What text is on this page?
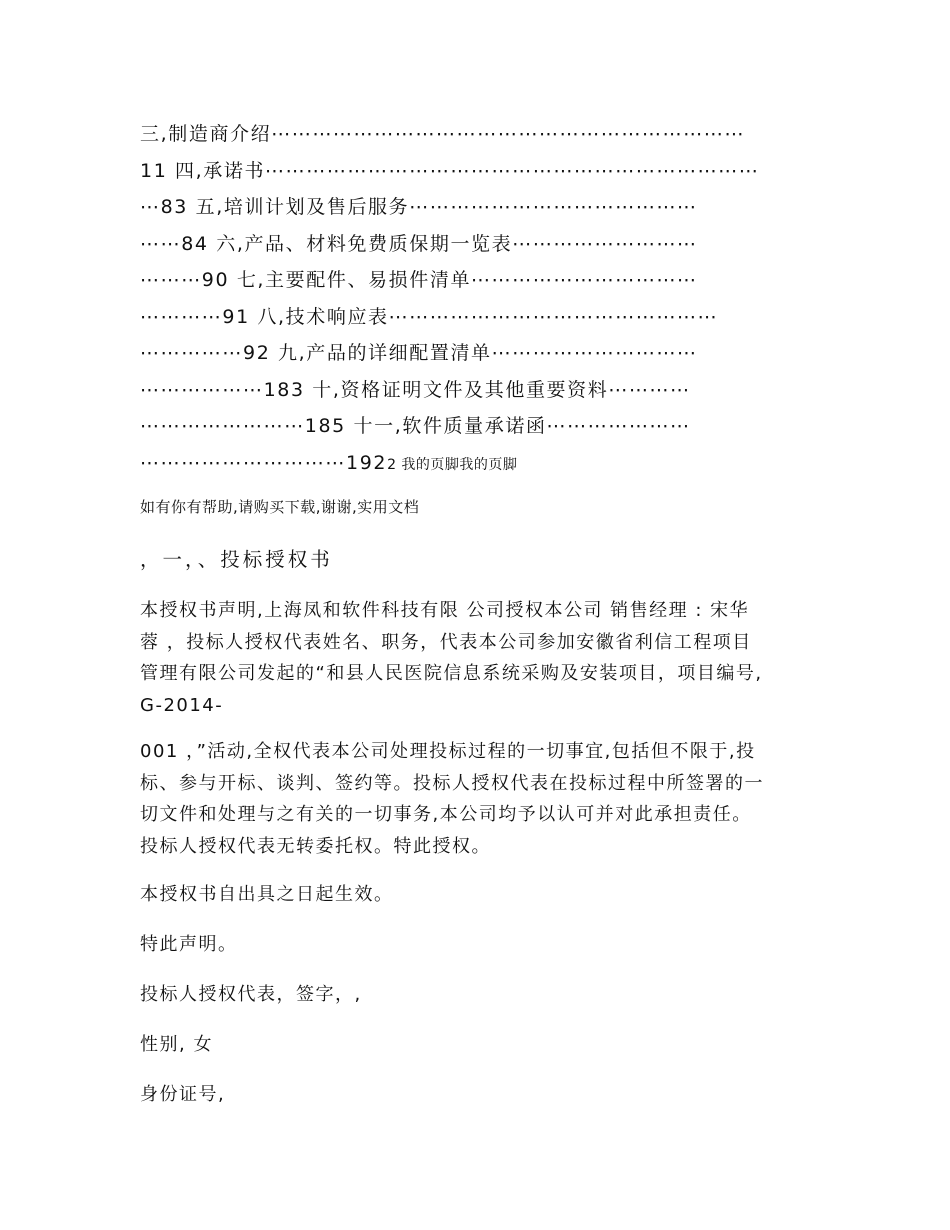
三,制造商介绍⋯⋯⋯⋯⋯⋯⋯⋯⋯⋯⋯⋯⋯⋯⋯⋯⋯⋯⋯⋯⋯⋯⋯
11 四,承诺书⋯⋯⋯⋯⋯⋯⋯⋯⋯⋯⋯⋯⋯⋯⋯⋯⋯⋯⋯⋯⋯⋯⋯⋯
⋯83 五,培训计划及售后服务⋯⋯⋯⋯⋯⋯⋯⋯⋯⋯⋯⋯⋯⋯
⋯⋯84 六,产品、材料免费质保期一览表⋯⋯⋯⋯⋯⋯⋯⋯⋯
⋯⋯⋯90 七,主要配件、易损件清单⋯⋯⋯⋯⋯⋯⋯⋯⋯⋯⋯
⋯⋯⋯⋯91 八,技术响应表⋯⋯⋯⋯⋯⋯⋯⋯⋯⋯⋯⋯⋯⋯⋯⋯
⋯⋯⋯⋯⋯92 九,产品的详细配置清单⋯⋯⋯⋯⋯⋯⋯⋯⋯⋯
⋯⋯⋯⋯⋯⋯183 十,资格证明文件及其他重要资料⋯⋯⋯⋯
⋯⋯⋯⋯⋯⋯⋯⋯185 十一,软件质量承诺函⋯⋯⋯⋯⋯⋯⋯
⋯⋯⋯⋯⋯⋯⋯⋯⋯⋯1922 我的页脚我的页脚
如有你有帮助,请购买下载,谢谢,实用文档
，一，、投标授权书
本授权书声明,上海凤和软件科技有限 公司授权本公司 销售经理 : 宋华
蓉 ，投标人授权代表姓名、职务，代表本公司参加安徽省利信工程项目
管理有限公司发起的“和县人民医院信息系统采购及安装项目，项目编号,
G-2014-
001 ，”活动,全权代表本公司处理投标过程的一切事宜,包括但不限于,投
标、参与开标、谈判、签约等。投标人授权代表在投标过程中所签署的一
切文件和处理与之有关的一切事务,本公司均予以认可并对此承担责任。
投标人授权代表无转委托权。特此授权。
本授权书自出具之日起生效。
特此声明。
投标人授权代表，签字，,
性别, 女
身份证号,
